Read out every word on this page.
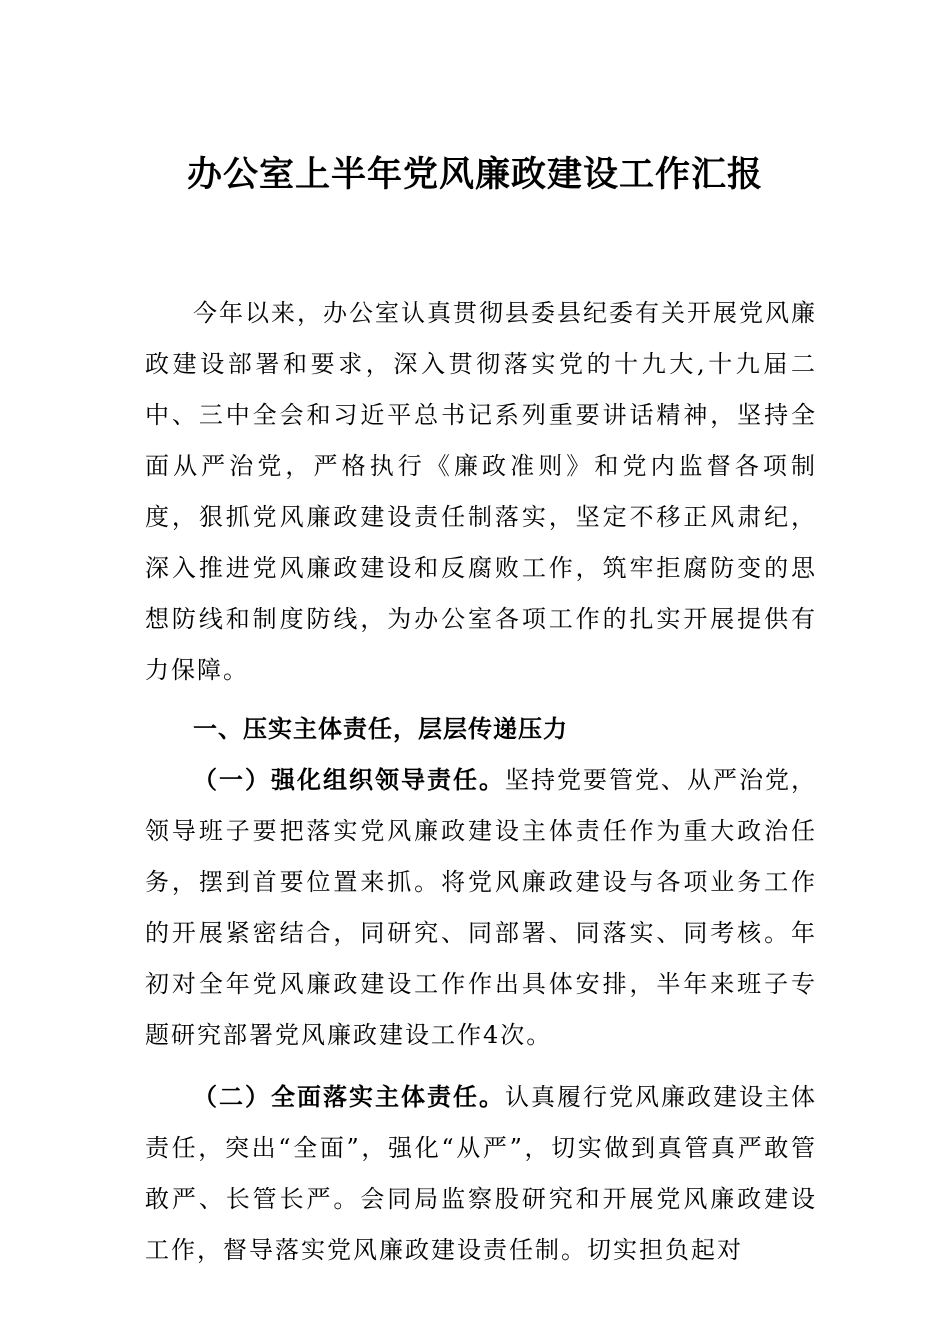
办公室上半年党风廉政建设工作汇报

今年以来，办公室认真贯彻县委县纪委有关开展党风廉政建设部署和要求，深入贯彻落实党的十九大,十九届二中、三中全会和习近平总书记系列重要讲话精神，坚持全面从严治党，严格执行《廉政准则》和党内监督各项制度，狠抓党风廉政建设责任制落实，坚定不移正风肃纪，深入推进党风廉政建设和反腐败工作，筑牢拒腐防变的思想防线和制度防线，为办公室各项工作的扎实开展提供有力保障。

一、压实主体责任，层层传递压力

（一）强化组织领导责任。坚持党要管党、从严治党，领导班子要把落实党风廉政建设主体责任作为重大政治任务，摆到首要位置来抓。将党风廉政建设与各项业务工作的开展紧密结合，同研究、同部署、同落实、同考核。年初对全年党风廉政建设工作作出具体安排，半年来班子专题研究部署党风廉政建设工作4次。

（二）全面落实主体责任。认真履行党风廉政建设主体责任，突出“全面”，强化“从严”，切实做到真管真严敢管敢严、长管长严。会同局监察股研究和开展党风廉政建设工作，督导落实党风廉政建设责任制。切实担负起对
